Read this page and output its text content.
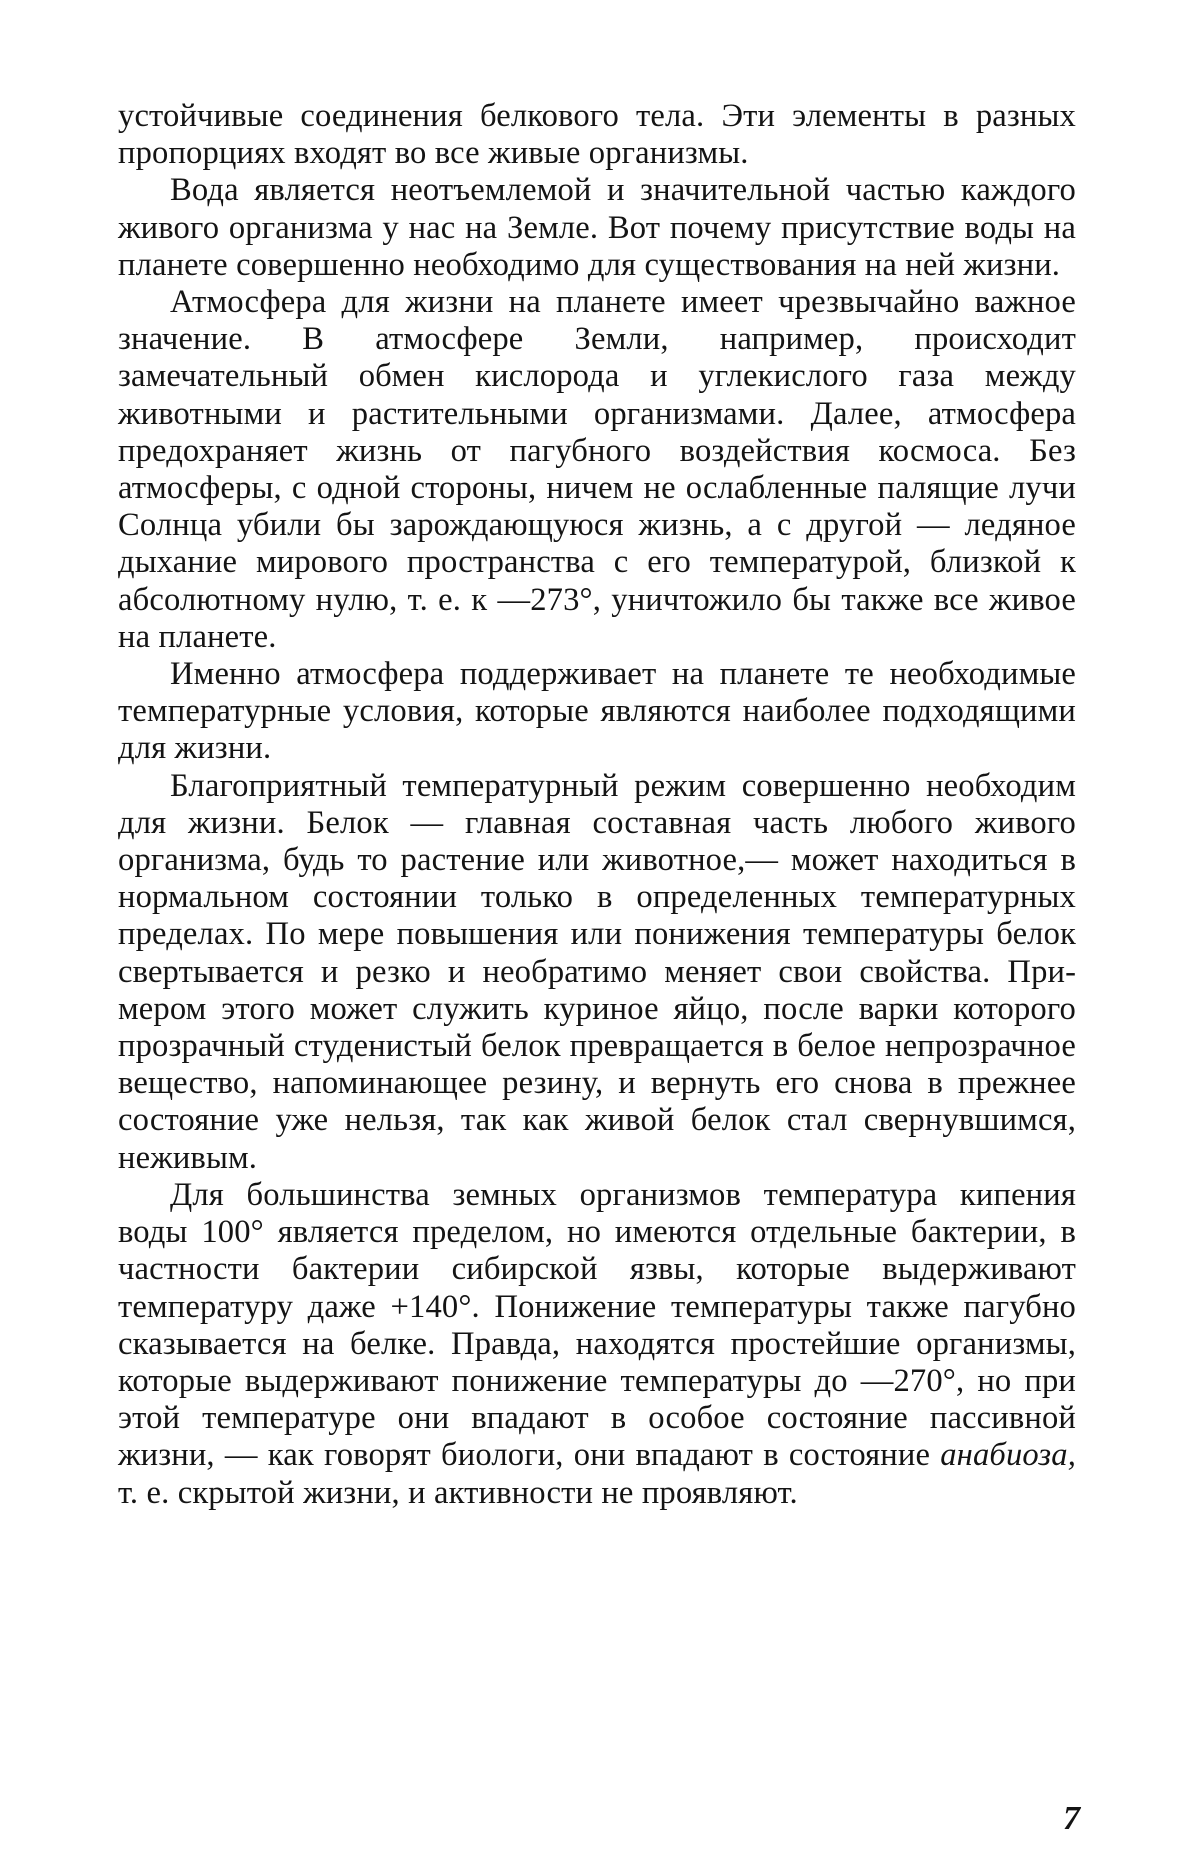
устойчивые соединения белкового тела. Эти элементы в разных пропорциях входят во все живые организмы.

Вода является неотъемлемой и значительной частью каждого живого организма у нас на Земле. Вот почему присутствие воды на планете совершенно необходимо для существования на ней жизни.

Атмосфера для жизни на планете имеет чрезвычайно важное значение. В атмосфере Земли, например, происходит замечательный обмен кислорода и углекислого газа между животными и растительными организмами. Далее, атмосфера предохраняет жизнь от пагубного воздействия космоса. Без атмосферы, с одной стороны, ничем не ослабленные палящие лучи Солнца убили бы зарождающуюся жизнь, а с другой — ледяное дыхание мирового пространства с его температурой, близкой к абсолютному нулю, т. е. к —273°, уничтожило бы также все живое на планете.

Именно атмосфера поддерживает на планете те необходимые температурные условия, которые являются наиболее подходящими для жизни.

Благоприятный температурный режим совершенно необходим для жизни. Белок — главная составная часть любого живого организма, будь то растение или животное,— может находиться в нормальном состоянии только в определенных температурных пределах. По мере повышения или понижения температуры белок свертывается и резко и необратимо меняет свои свойства. Примером этого может служить куриное яйцо, после варки которого прозрачный студенистый белок превращается в белое непрозрачное вещество, напоминающее резину, и вернуть его снова в прежнее состояние уже нельзя, так как живой белок стал свернувшимся, неживым.

Для большинства земных организмов температура кипения воды 100° является пределом, но имеются отдельные бактерии, в частности бактерии сибирской язвы, которые выдерживают температуру даже +140°. Понижение температуры также пагубно сказывается на белке. Правда, находятся простейшие организмы, которые выдерживают понижение температуры до —270°, но при этой температуре они впадают в особое состояние пассивной жизни, — как говорят биологи, они впадают в состояние анабиоза, т. е. скрытой жизни, и активности не проявляют.

7
